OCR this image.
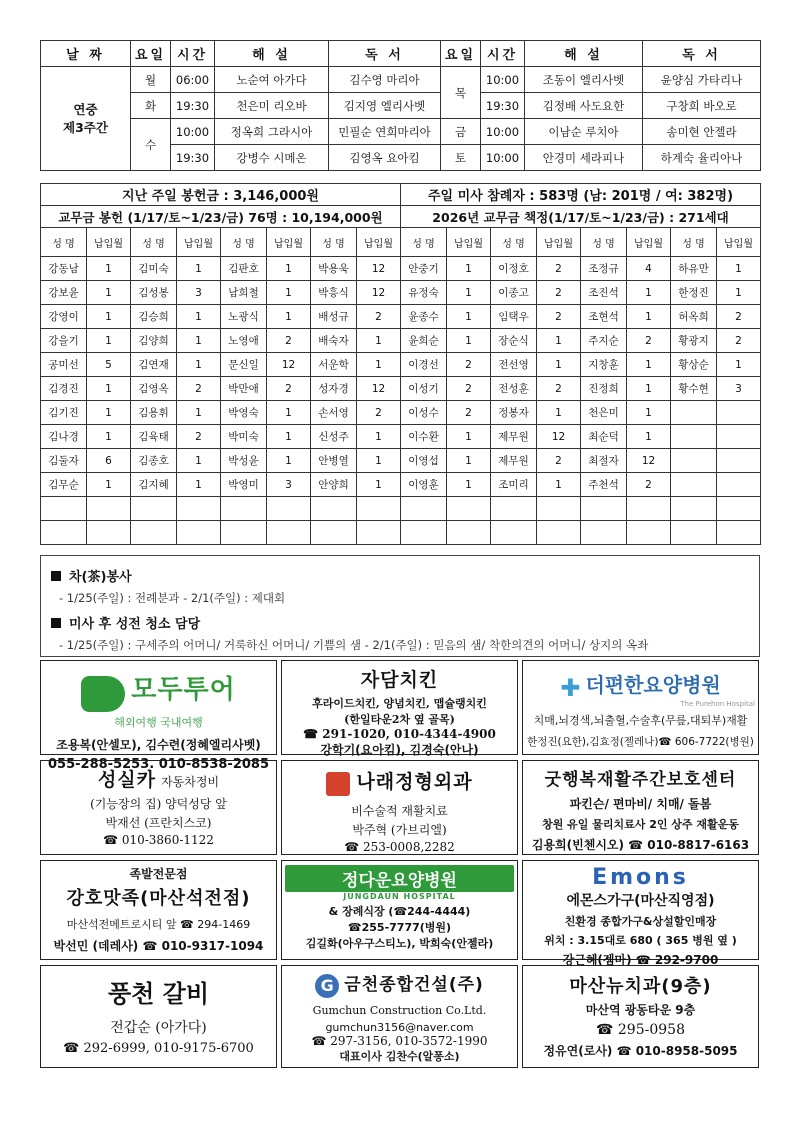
날 짜	요일	시간	해 설	독 서	요일	시간	해 설	독 서

연중
제3주간	월	06:00	노순여 아가다	김수영 마리아	목	10:00	조동이 엘리사벳	윤양심 가타리나
	화	19:30	천은미 리오바	김지영 엘리사벳		19:30	김정배 사도요한	구창희 바오로
	수	10:00	정옥희 그라시아	민필순 연희마리아	금	10:00	이남순 루치아	송미현 안젤라
		19:30	강병수 시메온	김영옥 요아킴	토	10:00	안경미 세라피나	하계숙 율리아나
지난 주일 봉헌금 : 3,146,000원	주일 미사 참례자 : 583명 (남: 201명 / 여: 382명)
교무금 봉헌 (1/17/토~1/23/금) 76명 : 10,194,000원	2026년 교무금 책정(1/17/토~1/23/금) : 271세대
성 명	납입월	성 명	납입월	성 명	납입월	성 명	납입월	성 명	납입월	성 명	납입월	성 명	납입월	성 명	납입월
강동남	1	김미숙	1	김판호	1	박용욱	12	안중기	1	이정호	2	조정규	4	하유만	1
강보윤	1	김성봉	3	남희철	1	박흥식	12	유정숙	1	이종고	2	조진석	1	한정진	1
강영이	1	김승희	1	노광식	1	배성규	2	윤종수	1	임택우	2	조현석	1	허옥희	2
강을기	1	김양희	1	노영애	2	배숙자	1	윤희순	1	장순식	1	주지순	2	황광지	2
공미선	5	김연재	1	문신일	12	서운학	1	이경선	2	전선영	1	지창훈	1	황상순	1
김경진	1	김영옥	2	박만애	2	성자경	12	이성기	2	전성훈	2	진정희	1	황수현	3
김기진	1	김용휘	1	박영숙	1	손서영	2	이성수	2	정봉자	1	천은미	1		
김나경	1	김육태	2	박미숙	1	신성주	1	이수환	1	제무원	12	최순덕	1		
김둘자	6	김종호	1	박성윤	1	안병열	1	이영섭	1	제무원	2	최절자	12		
김무순	1	김지혜	1	박영미	3	안양희	1	이영훈	1	조미리	1	주천석	2		

차(茶)봉사
- 1/25(주일) : 전례분과 - 2/1(주일) : 제대회
미사 후 성전 청소 담당
- 1/25(주일) : 구세주의 어머니/ 거룩하신 어머니/ 기쁨의 샘 - 2/1(주일) : 믿음의 샘/ 착한의견의 어머니/ 상지의 옥좌
모두투어
해외여행 국내여행
조용복(안셀모), 김수련(정혜엘리사벳)
055-288-5253. 010-8538-2085
자담치킨
후라이드치킨, 양념치킨, 맵슐랭치킨
(한일타운2차 옆 골목)
☎ 291-1020, 010-4344-4900
강학기(요아킴), 김경숙(안나)
✚ 더편한요양병원
The Purehon Hospital
치매,뇌경색,뇌출혈,수술후(무릎,대퇴부)재활
한정진(요한),김효정(젤레나)☎ 606-7722(병원)
성실카 자동차정비
(기능장의 집) 양덕성당 앞
박재선 (프란치스코)
☎ 010-3860-1122
나래정형외과
비수술적 재활치료
박주혁 (가브리엘)
☎ 253-0008,2282
굿행복재활주간보호센터
파킨슨/ 편마비/ 치매/ 돌봄
창원 유일 물리치료사 2인 상주 재활운동
김용희(빈첸시오) ☎ 010-8817-6163
족발전문점
강호맛족(마산석전점)
마산석전메트로시티 앞 ☎ 294-1469
박선민 (데레사) ☎ 010-9317-1094
정다운요양병원
JUNGDAUN HOSPITAL
& 장례식장 (☎244-4444)
☎255-7777(병원)
김길화(아우구스티노), 박희숙(안젤라)
Emons
에몬스가구(마산직영점)
친환경 종합가구&상설할인매장
위치 : 3.15대로 680 ( 365 병원 옆 )
강근혜(젬마) ☎ 292-9700
풍천 갈비
전갑순 (아가다)
☎ 292-6999, 010-9175-6700
G 금천종합건설(주)
Gumchun Construction Co.Ltd.
gumchun3156@naver.com
☎ 297-3156, 010-3572-1990
대표이사 김찬수(알퐁소)
마산뉴치과(9층)
마산역 광동타운 9층
☎ 295-0958
정유연(로사) ☎ 010-8958-5095
